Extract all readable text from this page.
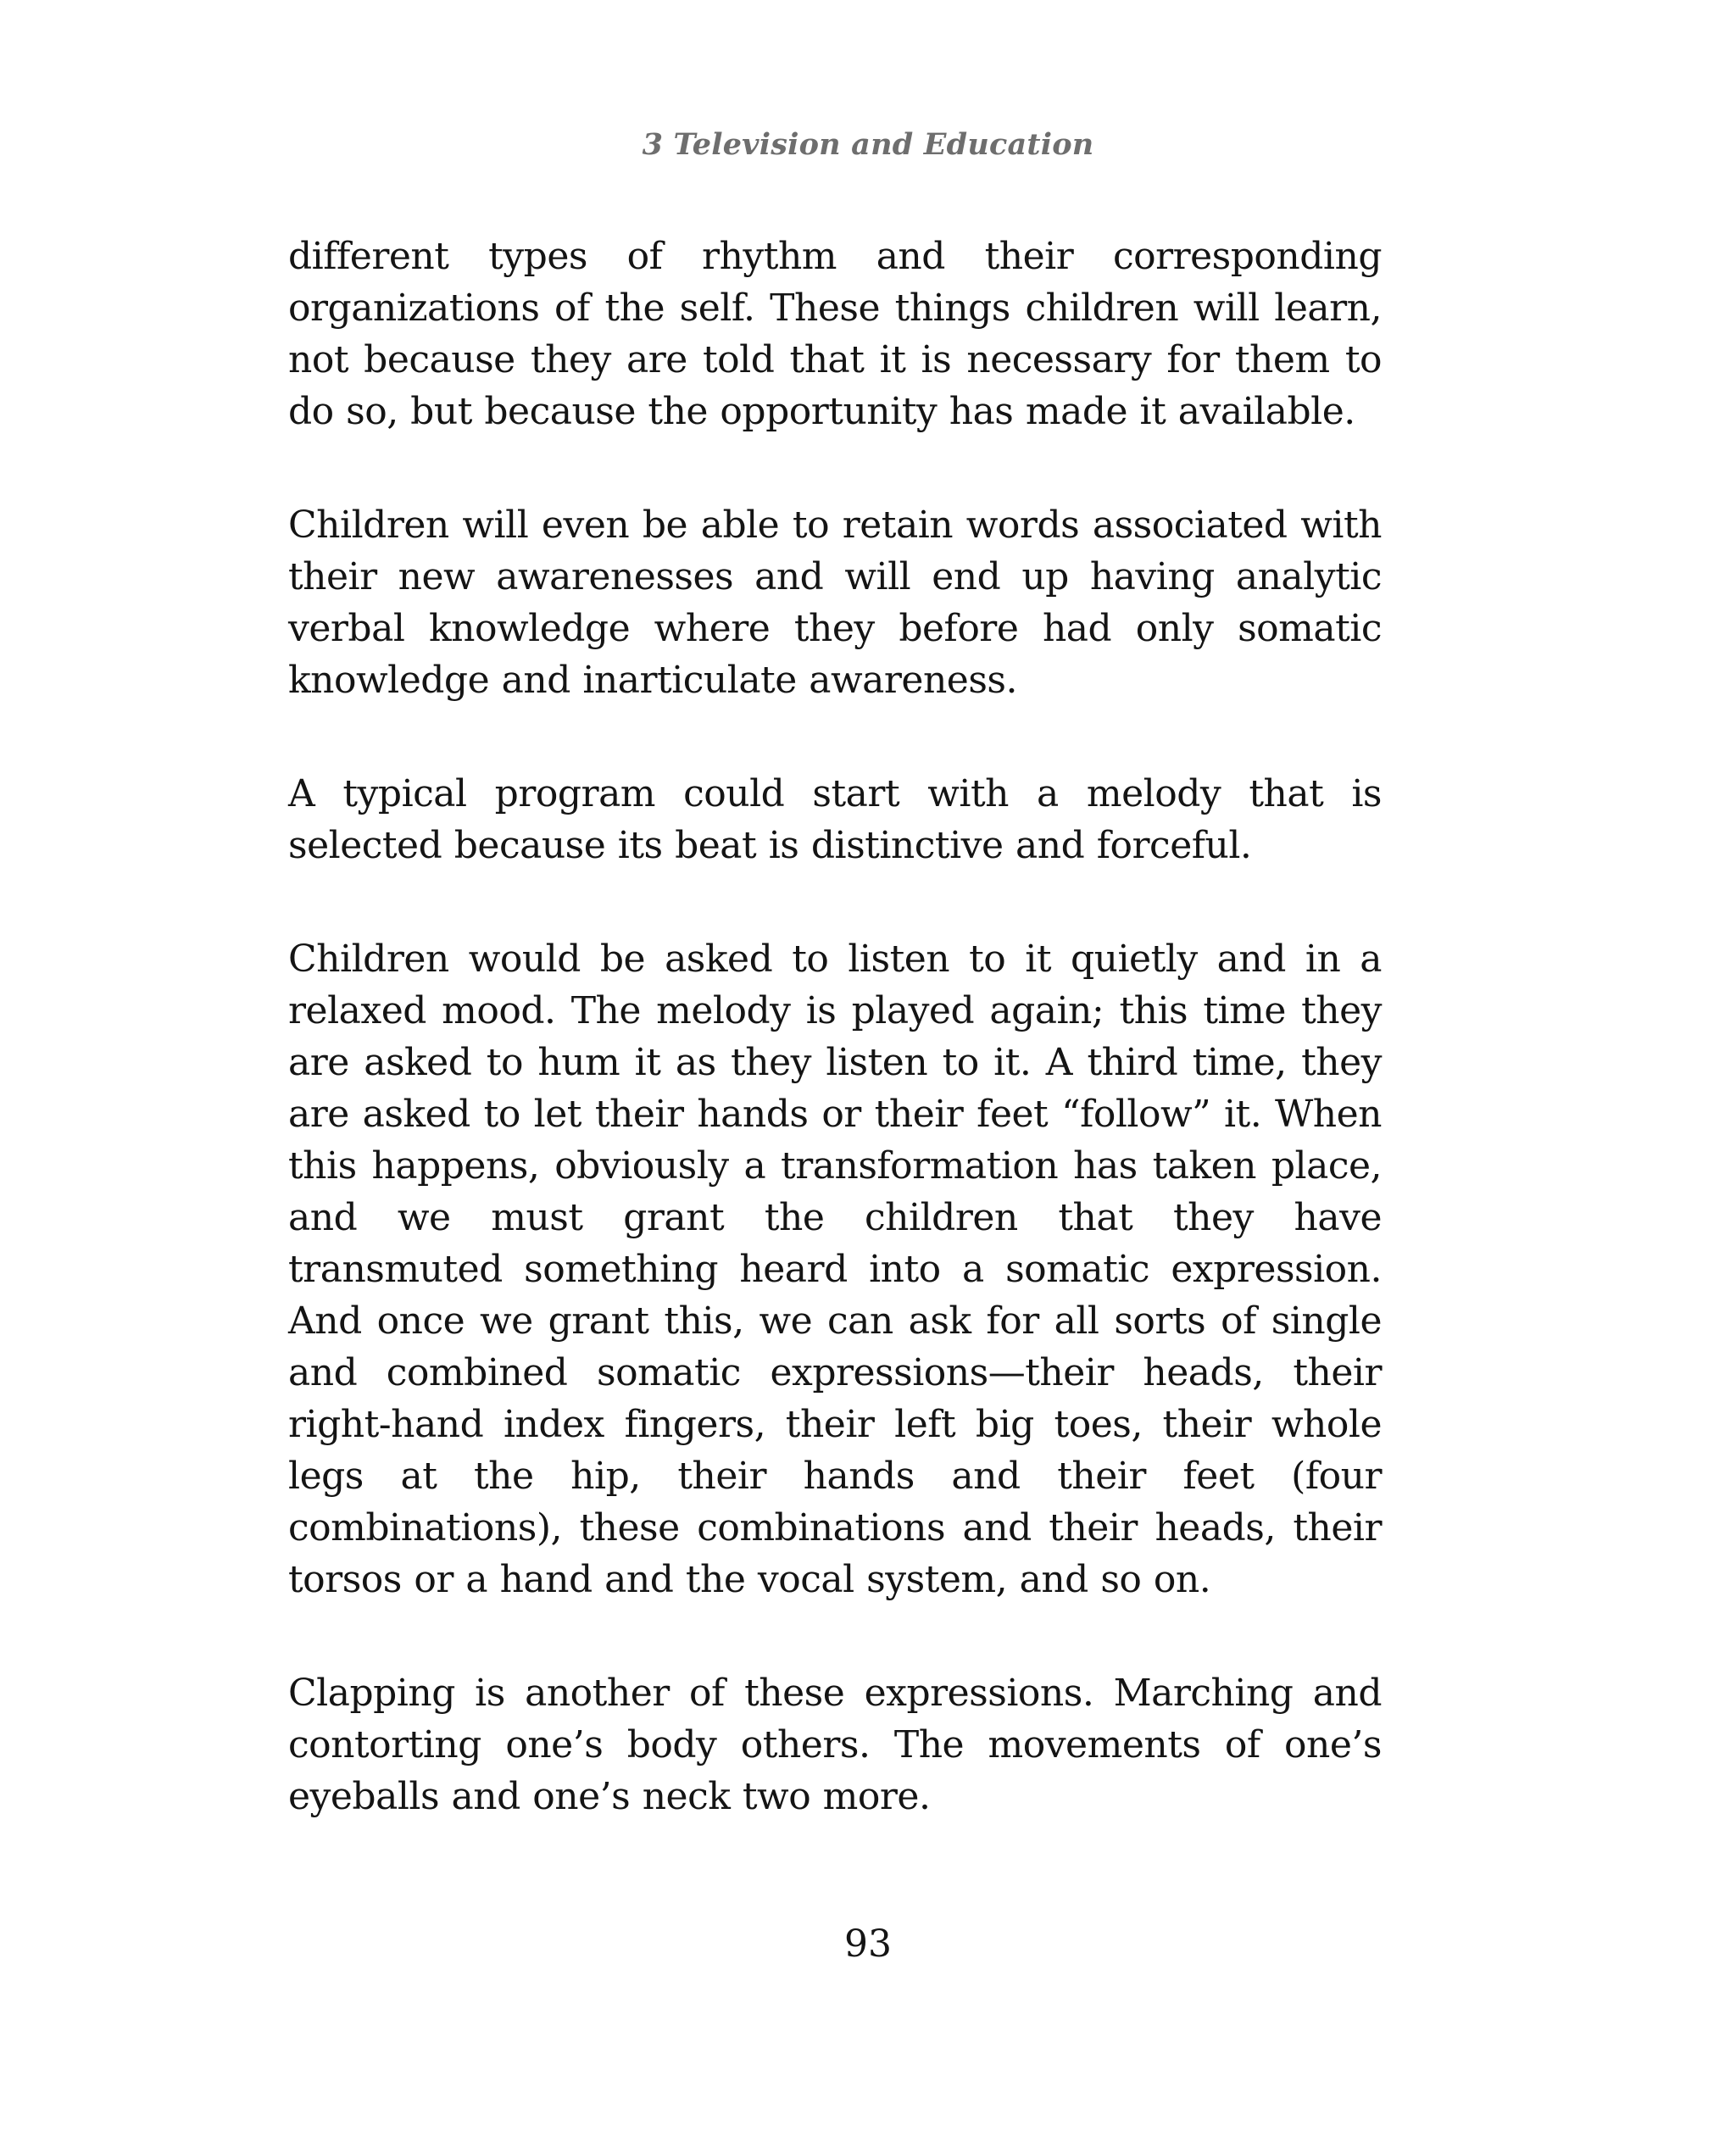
3 Television and Education

different types of rhythm and their corresponding organizations of the self. These things children will learn, not because they are told that it is necessary for them to do so, but because the opportunity has made it available.

Children will even be able to retain words associated with their new awarenesses and will end up having analytic verbal knowledge where they before had only somatic knowledge and inarticulate awareness.

A typical program could start with a melody that is selected because its beat is distinctive and forceful.

Children would be asked to listen to it quietly and in a relaxed mood. The melody is played again; this time they are asked to hum it as they listen to it. A third time, they are asked to let their hands or their feet “follow” it. When this happens, obviously a transformation has taken place, and we must grant the children that they have transmuted something heard into a somatic expression. And once we grant this, we can ask for all sorts of single and combined somatic expressions—their heads, their right-hand index fingers, their left big toes, their whole legs at the hip, their hands and their feet (four combinations), these combinations and their heads, their torsos or a hand and the vocal system, and so on.

Clapping is another of these expressions. Marching and contorting one’s body others. The movements of one’s eyeballs and one’s neck two more.

93
